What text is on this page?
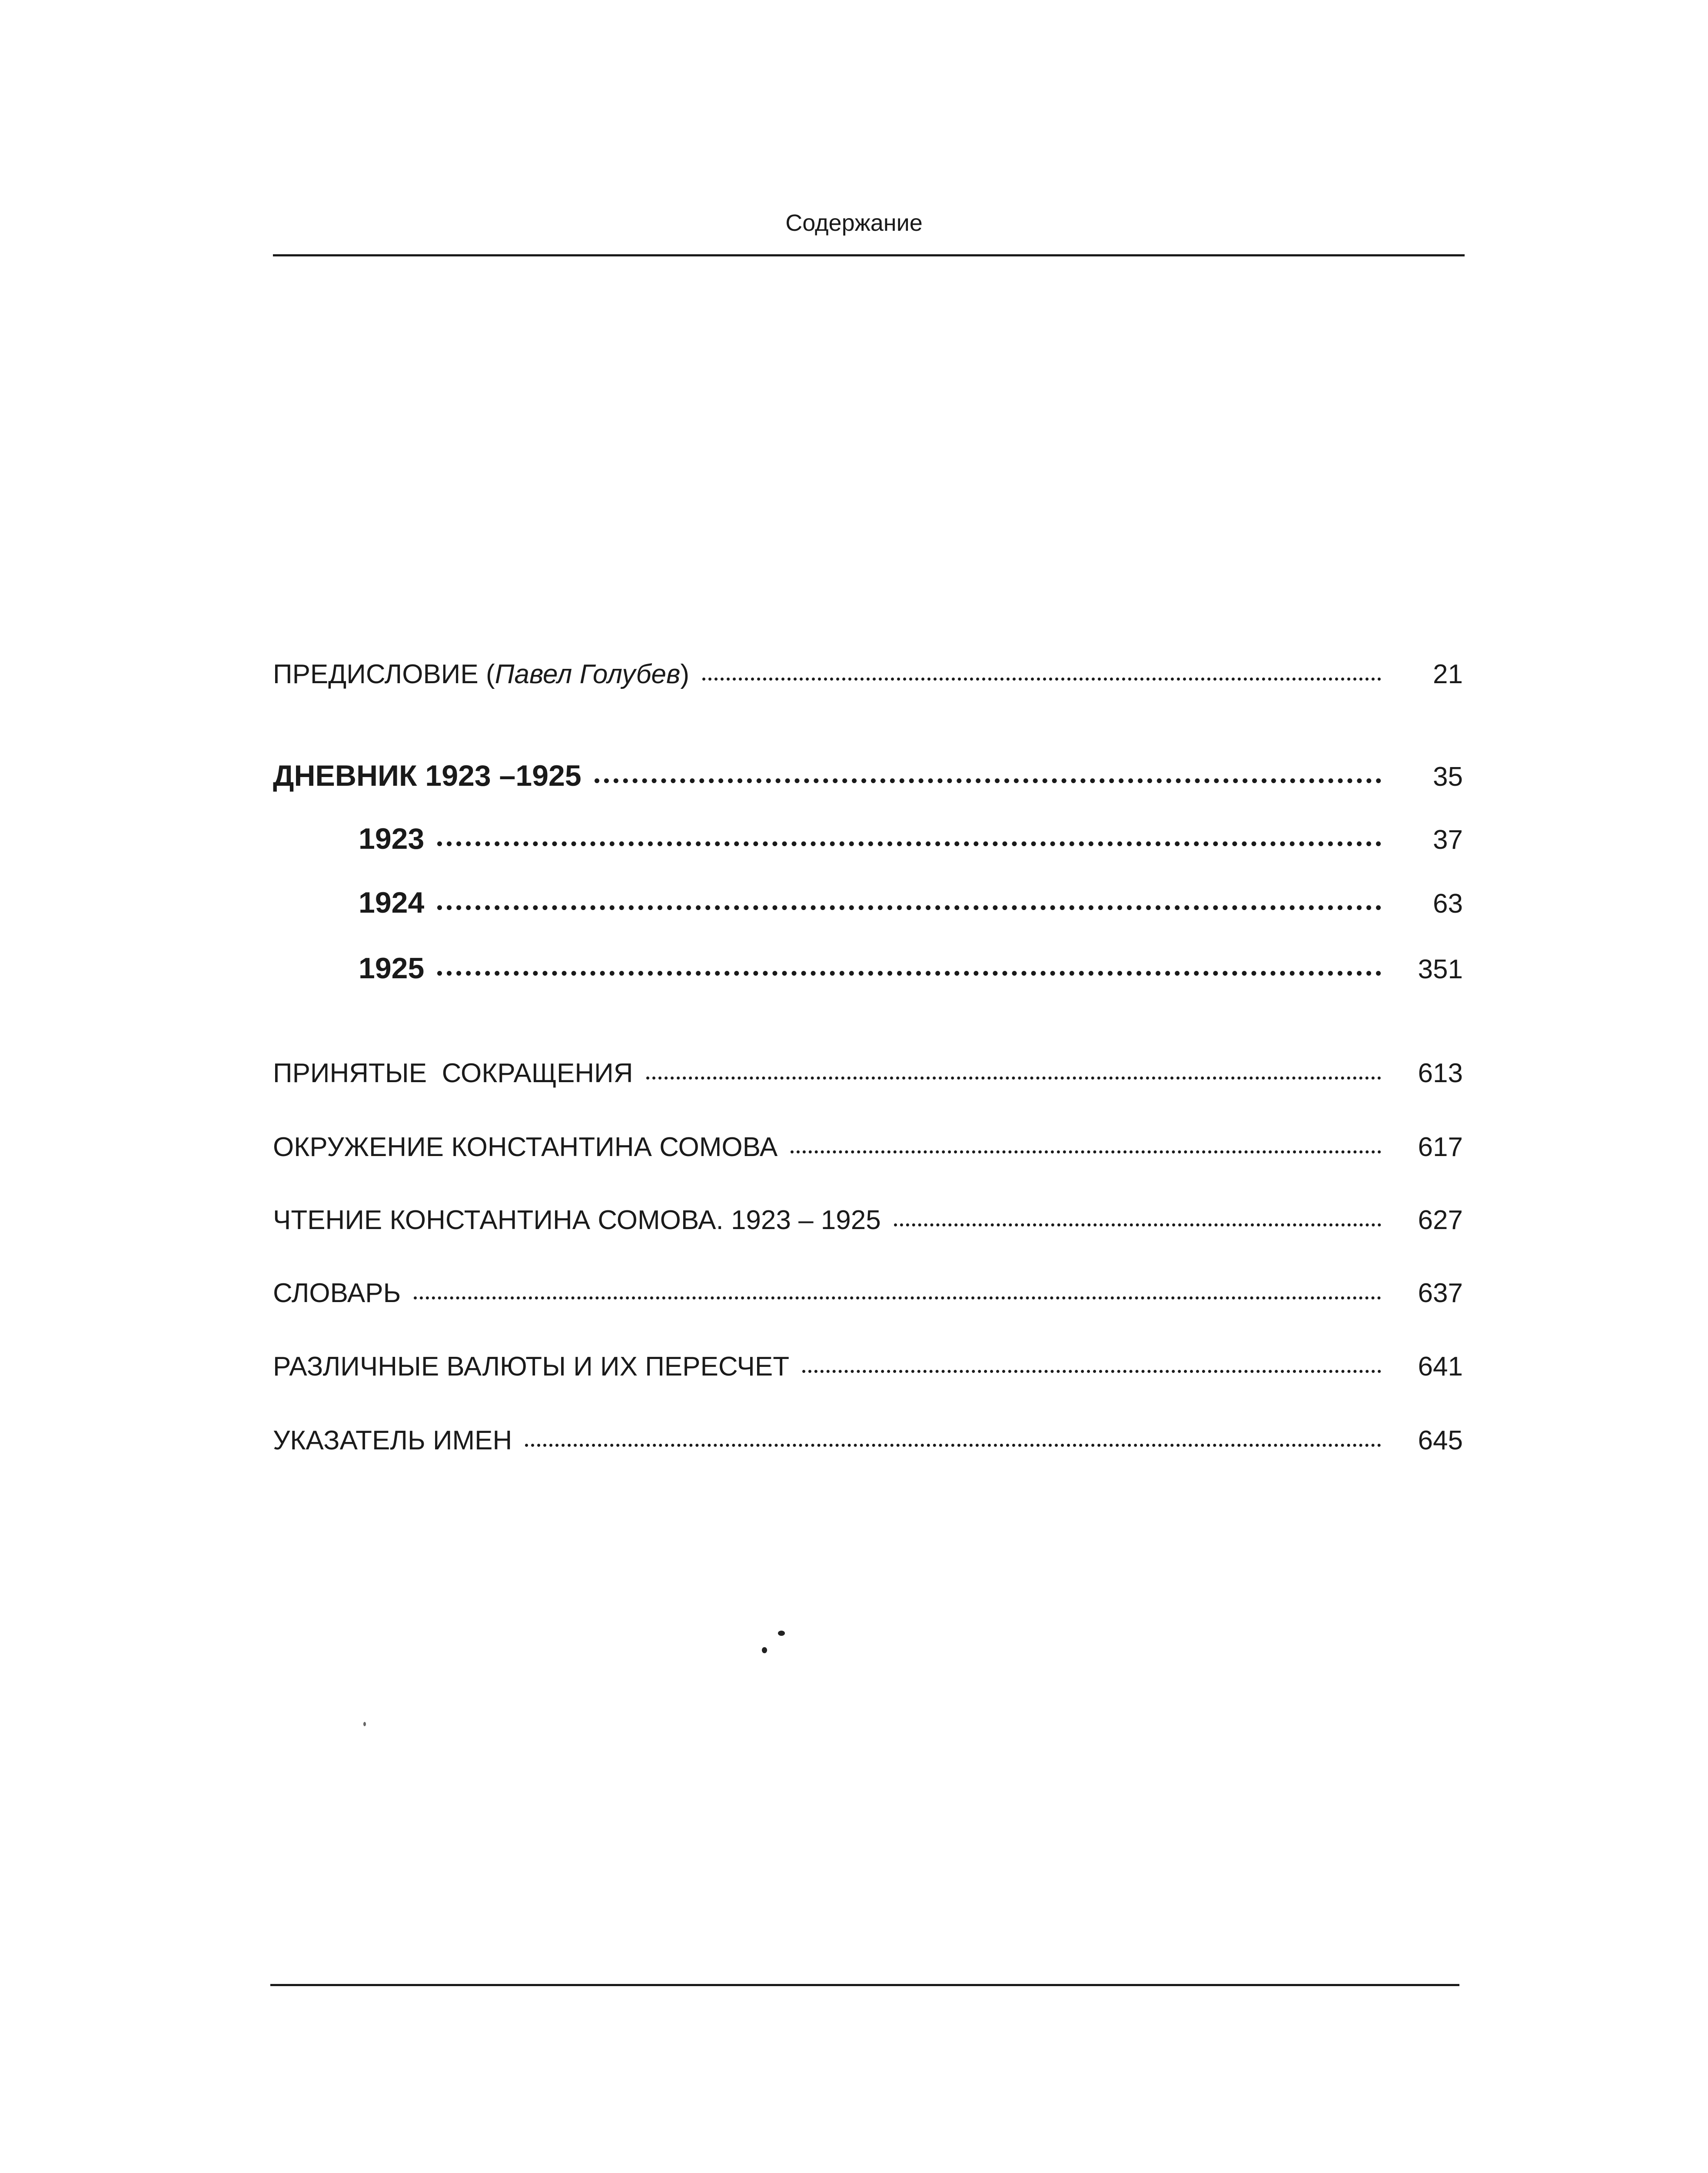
Содержание
ПРЕДИСЛОВИЕ (Павел Голубев)	21
ДНЕВНИК 1923 –1925	35
1923	37
1924	63
1925	351
ПРИНЯТЫЕ  СОКРАЩЕНИЯ	613
ОКРУЖЕНИЕ КОНСТАНТИНА СОМОВА	617
ЧТЕНИЕ КОНСТАНТИНА СОМОВА. 1923 – 1925	627
СЛОВАРЬ	637
РАЗЛИЧНЫЕ ВАЛЮТЫ И ИХ ПЕРЕСЧЕТ	641
УКАЗАТЕЛЬ ИМЕН	645
